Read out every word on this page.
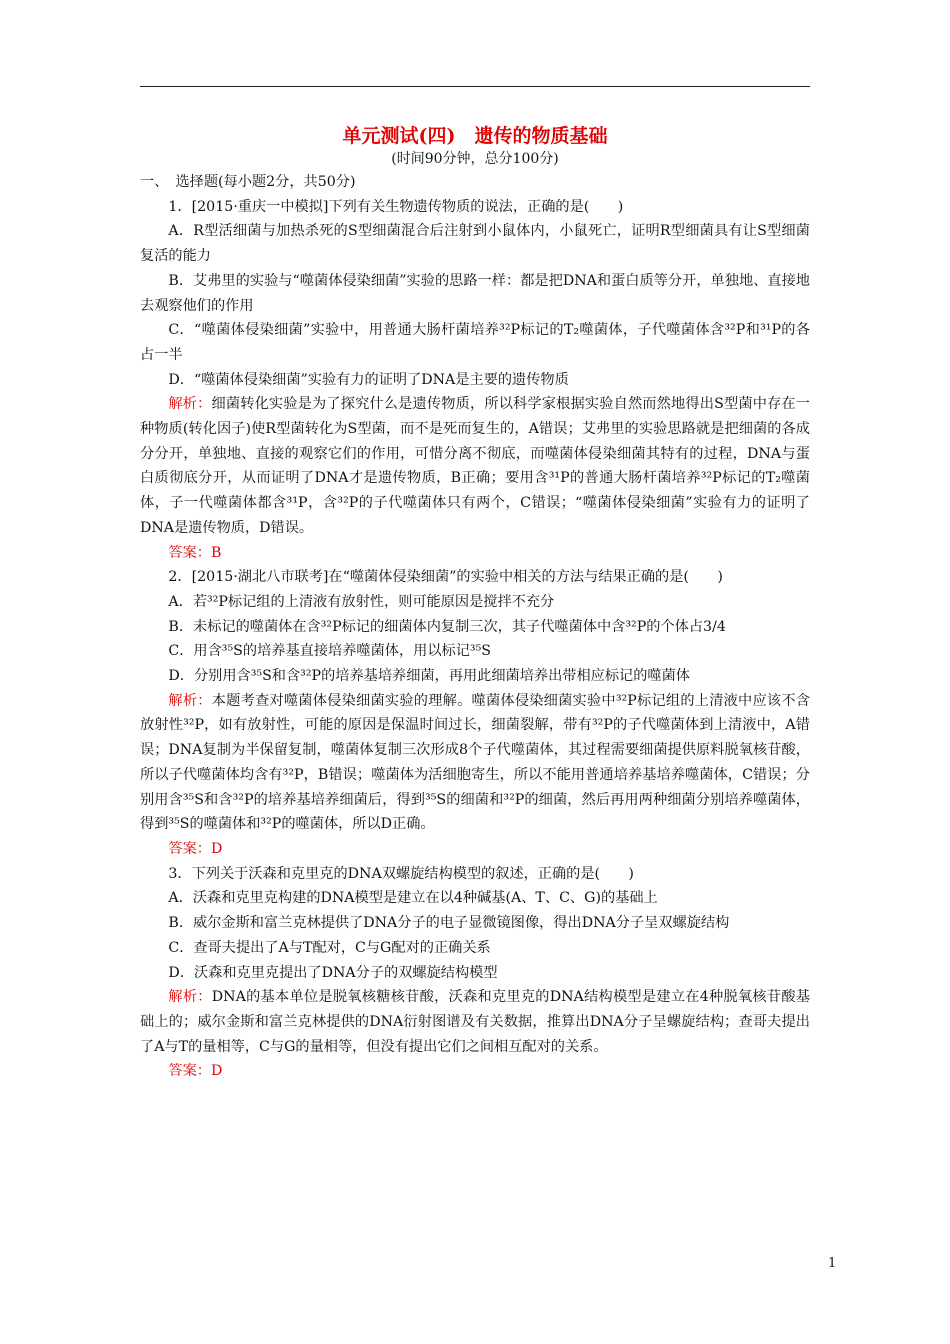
单元测试(四)　遗传的物质基础

(时间90分钟，总分100分)

一、　选择题(每小题2分，共50分)

1．[2015·重庆一中模拟]下列有关生物遗传物质的说法，正确的是(　　)

A．R型活细菌与加热杀死的S型细菌混合后注射到小鼠体内，小鼠死亡，证明R型细菌具有让S型细菌复活的能力

B．艾弗里的实验与“噬菌体侵染细菌”实验的思路一样：都是把DNA和蛋白质等分开，单独地、直接地去观察他们的作用

C．“噬菌体侵染细菌”实验中，用普通大肠杆菌培养³²P标记的T₂噬菌体，子代噬菌体含³²P和³¹P的各占一半

D．“噬菌体侵染细菌”实验有力的证明了DNA是主要的遗传物质

解析：细菌转化实验是为了探究什么是遗传物质，所以科学家根据实验自然而然地得出S型菌中存在一种物质(转化因子)使R型菌转化为S型菌，而不是死而复生的，A错误；艾弗里的实验思路就是把细菌的各成分分开，单独地、直接的观察它们的作用，可惜分离不彻底，而噬菌体侵染细菌其特有的过程，DNA与蛋白质彻底分开，从而证明了DNA才是遗传物质，B正确；要用含³¹P的普通大肠杆菌培养³²P标记的T₂噬菌体，子一代噬菌体都含³¹P，含³²P的子代噬菌体只有两个，C错误；“噬菌体侵染细菌”实验有力的证明了DNA是遗传物质，D错误。

答案：B

2．[2015·湖北八市联考]在“噬菌体侵染细菌”的实验中相关的方法与结果正确的是(　　)

A．若³²P标记组的上清液有放射性，则可能原因是搅拌不充分

B．未标记的噬菌体在含³²P标记的细菌体内复制三次，其子代噬菌体中含³²P的个体占3/4

C．用含³⁵S的培养基直接培养噬菌体，用以标记³⁵S

D．分别用含³⁵S和含³²P的培养基培养细菌，再用此细菌培养出带相应标记的噬菌体

解析：本题考查对噬菌体侵染细菌实验的理解。噬菌体侵染细菌实验中³²P标记组的上清液中应该不含放射性³²P，如有放射性，可能的原因是保温时间过长，细菌裂解，带有³²P的子代噬菌体到上清液中，A错误；DNA复制为半保留复制，噬菌体复制三次形成8个子代噬菌体，其过程需要细菌提供原料脱氧核苷酸，所以子代噬菌体均含有³²P，B错误；噬菌体为活细胞寄生，所以不能用普通培养基培养噬菌体，C错误；分别用含³⁵S和含³²P的培养基培养细菌后，得到³⁵S的细菌和³²P的细菌，然后再用两种细菌分别培养噬菌体，得到³⁵S的噬菌体和³²P的噬菌体，所以D正确。

答案：D

3．下列关于沃森和克里克的DNA双螺旋结构模型的叙述，正确的是(　　)

A．沃森和克里克构建的DNA模型是建立在以4种碱基(A、T、C、G)的基础上

B．威尔金斯和富兰克林提供了DNA分子的电子显微镜图像，得出DNA分子呈双螺旋结构

C．查哥夫提出了A与T配对，C与G配对的正确关系

D．沃森和克里克提出了DNA分子的双螺旋结构模型

解析：DNA的基本单位是脱氧核糖核苷酸，沃森和克里克的DNA结构模型是建立在4种脱氧核苷酸基础上的；威尔金斯和富兰克林提供的DNA衍射图谱及有关数据，推算出DNA分子呈螺旋结构；查哥夫提出了A与T的量相等，C与G的量相等，但没有提出它们之间相互配对的关系。

答案：D

1
